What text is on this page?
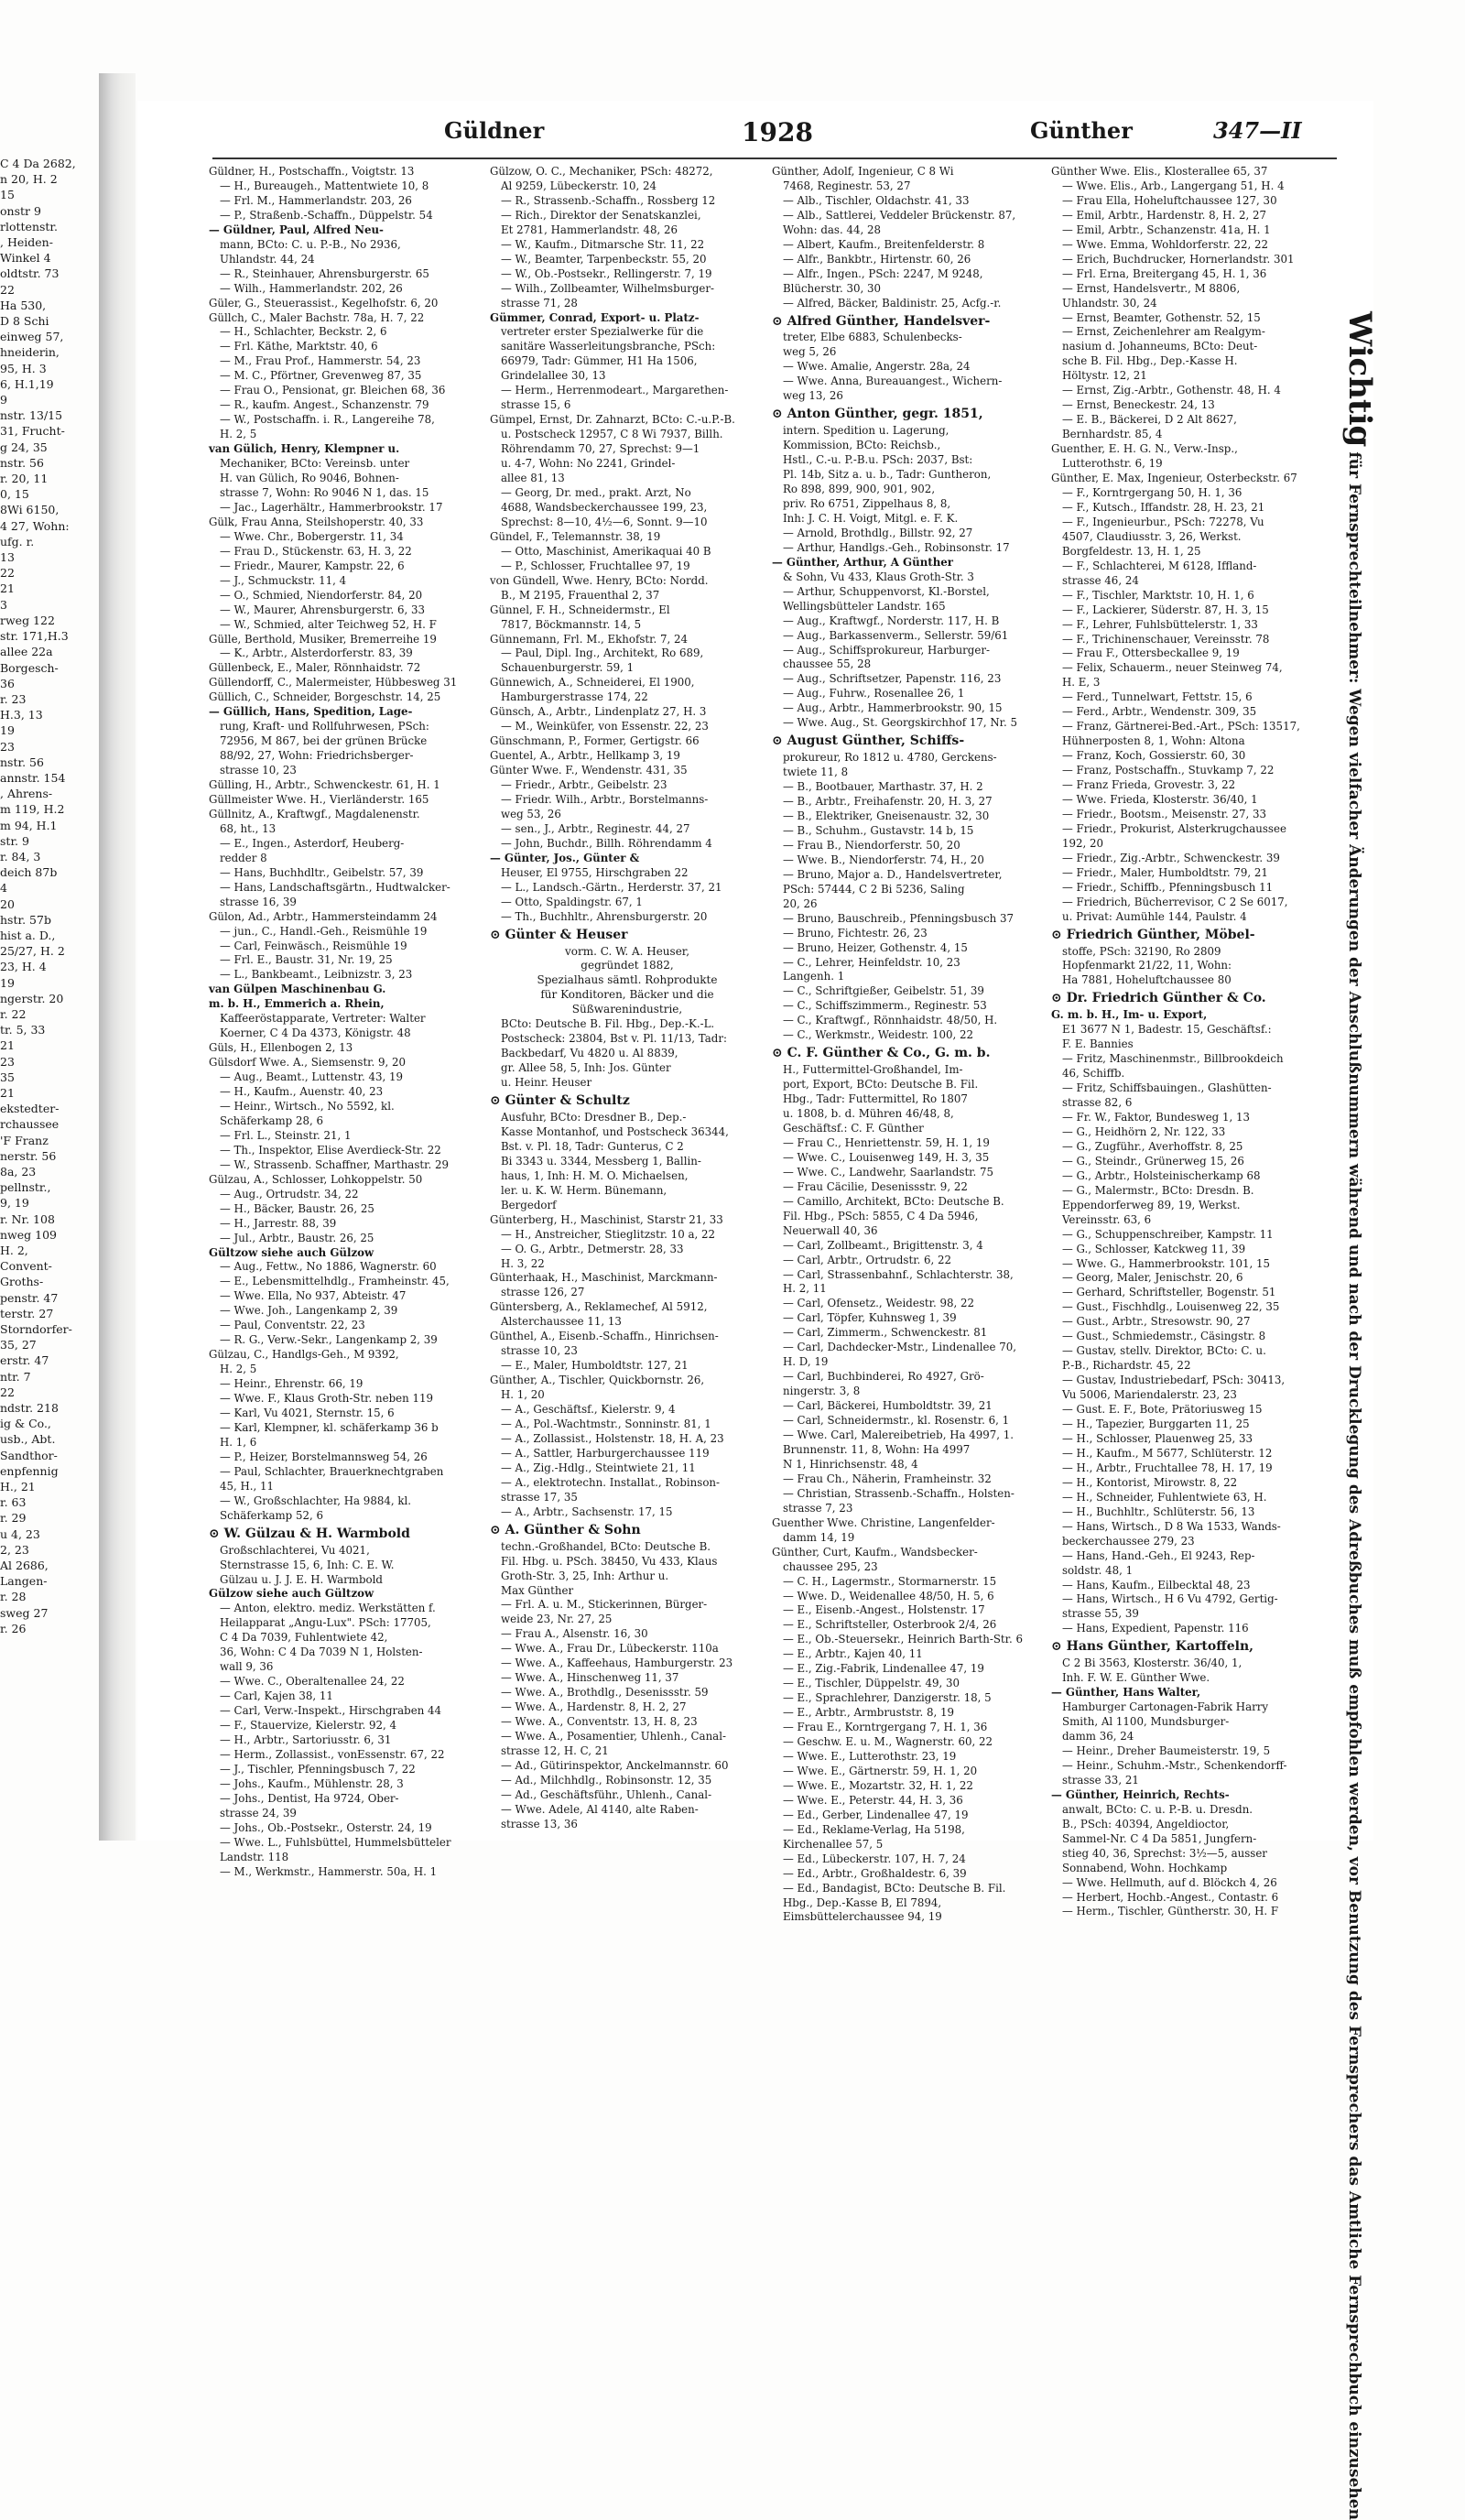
C 4 Da 2682,
n 20, H. 2
15
onstr 9
rlottenstr.
, Heiden-
Winkel 4
oldtstr. 73
22
Ha 530,
D 8 Schi
einweg 57,
hneiderin,
95, H. 3
6, H.1,19
9
nstr. 13/15
31, Frucht-
g 24, 35
nstr. 56
r. 20, 11
0, 15
8Wi 6150,
4 27, Wohn:
ufg. r.
13
22
21
3
rweg 122
str. 171,H.3
allee 22a
Borgesch-
36
r. 23
H.3, 13
19
23
nstr. 56
annstr. 154
, Ahrens-
m 119, H.2
m 94, H.1
str. 9
r. 84, 3
deich 87b
4
20
hstr. 57b
hist a. D.,
25/27, H. 2
23, H. 4
19
ngerstr. 20
r. 22
tr. 5, 33
21
23
35
21
ekstedter-
rchaussee
'F Franz
nerstr. 56
8a, 23
pellnstr.,
9, 19
r. Nr. 108
nweg 109
H. 2,
Convent-
Groths-
penstr. 47
terstr. 27
Storndorfer-
35, 27
erstr. 47
ntr. 7
22
ndstr. 218
ig & Co.,
usb., Abt.
Sandthor-
enpfennig
H., 21
r. 63
r. 29
u 4, 23
2, 23
Al 2686,
Langen-
r. 28
sweg 27
r. 26
Güldner	1928	Günther	347—II
Güldner, H., Postschaffn., Voigtstr. 13
— H., Bureaugeh., Mattentwiete 10, 8
— Frl. M., Hammerlandstr. 203, 26
— P., Straßenb.-Schaffn., Düppelstr. 54
— Güldner, Paul, Alfred Neu-
mann, BCto: C. u. P.-B., No 2936,
Uhlandstr. 44, 24
— R., Steinhauer, Ahrensburgerstr. 65
— Wilh., Hammerlandstr. 202, 26
Güler, G., Steuerassist., Kegelhofstr. 6, 20
Güllch, C., Maler Bachstr. 78a, H. 7, 22
— H., Schlachter, Beckstr. 2, 6
— Frl. Käthe, Marktstr. 40, 6
— M., Frau Prof., Hammerstr. 54, 23
— M. C., Pförtner, Grevenweg 87, 35
— Frau O., Pensionat, gr. Bleichen 68, 36
— R., kaufm. Angest., Schanzenstr. 79
— W., Postschaffn. i. R., Langereihe 78,
H. 2, 5
van Gülich, Henry, Klempner u.
Mechaniker, BCto: Vereinsb. unter
H. van Gülich, Ro 9046, Bohnen-
strasse 7, Wohn: Ro 9046 N 1, das. 15
— Jac., Lagerhältr., Hammerbrookstr. 17
Gülk, Frau Anna, Steilshoperstr. 40, 33
— Wwe. Chr., Bobergerstr. 11, 34
— Frau D., Stückenstr. 63, H. 3, 22
— Friedr., Maurer, Kampstr. 22, 6
— J., Schmuckstr. 11, 4
— O., Schmied, Niendorferstr. 84, 20
— W., Maurer, Ahrensburgerstr. 6, 33
— W., Schmied, alter Teichweg 52, H. F
Gülle, Berthold, Musiker, Bremerreihe 19
— K., Arbtr., Alsterdorferstr. 83, 39
Güllenbeck, E., Maler, Rönnhaidstr. 72
Güllendorff, C., Malermeister, Hübbesweg 31
Güllich, C., Schneider, Borgeschstr. 14, 25
— Güllich, Hans, Spedition, Lage-
rung, Kraft- und Rollfuhrwesen, PSch:
72956, M 867, bei der grünen Brücke
88/92, 27, Wohn: Friedrichsberger-
strasse 10, 23
Gülling, H., Arbtr., Schwenckestr. 61, H. 1
Güllmeister Wwe. H., Vierländerstr. 165
Güllnitz, A., Kraftwgf., Magdalenenstr.
68, ht., 13
— E., Ingen., Asterdorf, Heuberg-
redder 8
— Hans, Buchhdltr., Geibelstr. 57, 39
— Hans, Landschaftsgärtn., Hudtwalcker-
strasse 16, 39
Gülon, Ad., Arbtr., Hammersteindamm 24
— jun., C., Handl.-Geh., Reismühle 19
— Carl, Feinwäsch., Reismühle 19
— Frl. E., Baustr. 31, Nr. 19, 25
— L., Bankbeamt., Leibnizstr. 3, 23
van Gülpen Maschinenbau G.
m. b. H., Emmerich a. Rhein,
Kaffeeröstapparate, Vertreter: Walter
Koerner, C 4 Da 4373, Königstr. 48
Güls, H., Ellenbogen 2, 13
Gülsdorf Wwe. A., Siemsenstr. 9, 20
— Aug., Beamt., Luttenstr. 43, 19
— H., Kaufm., Auenstr. 40, 23
— Heinr., Wirtsch., No 5592, kl.
Schäferkamp 28, 6
— Frl. L., Steinstr. 21, 1
— Th., Inspektor, Elise Averdieck-Str. 22
— W., Strassenb. Schaffner, Marthastr. 29
Gülzau, A., Schlosser, Lohkoppelstr. 50
— Aug., Ortrudstr. 34, 22
— H., Bäcker, Baustr. 26, 25
— H., Jarrestr. 88, 39
— Jul., Arbtr., Baustr. 26, 25
Gültzow siehe auch Gülzow
— Aug., Fettw., No 1886, Wagnerstr. 60
— E., Lebensmittelhdlg., Framheinstr. 45,
— Wwe. Ella, No 937, Abteistr. 47
— Wwe. Joh., Langenkamp 2, 39
— Paul, Conventstr. 22, 23
— R. G., Verw.-Sekr., Langenkamp 2, 39
Gülzau, C., Handlgs-Geh., M 9392,
H. 2, 5
— Heinr., Ehrenstr. 66, 19
— Wwe. F., Klaus Groth-Str. neben 119
— Karl, Vu 4021, Sternstr. 15, 6
— Karl, Klempner, kl. schäferkamp 36 b
H. 1, 6
— P., Heizer, Borstelmannsweg 54, 26
— Paul, Schlachter, Brauerknechtgraben
45, H., 11
— W., Großschlachter, Ha 9884, kl.
Schäferkamp 52, 6
⊙ W. Gülzau & H. Warmbold
Großschlachterei, Vu 4021,
Sternstrasse 15, 6, Inh: C. E. W.
Gülzau u. J. J. E. H. Warmbold
Gülzow siehe auch Gültzow
— Anton, elektro. mediz. Werkstätten f.
Heilapparat „Angu-Lux". PSch: 17705,
C 4 Da 7039, Fuhlentwiete 42,
36, Wohn: C 4 Da 7039 N 1, Holsten-
wall 9, 36
— Wwe. C., Oberaltenallee 24, 22
— Carl, Kajen 38, 11
— Carl, Verw.-Inspekt., Hirschgraben 44
— F., Stauervize, Kielerstr. 92, 4
— H., Arbtr., Sartoriusstr. 6, 31
— Herm., Zollassist., vonEssenstr. 67, 22
— J., Tischler, Pfenningsbusch 7, 22
— Johs., Kaufm., Mühlenstr. 28, 3
— Johs., Dentist, Ha 9724, Ober-
strasse 24, 39
— Johs., Ob.-Postsekr., Osterstr. 24, 19
— Wwe. L., Fuhlsbüttel, Hummelsbütteler
Landstr. 118
— M., Werkmstr., Hammerstr. 50a, H. 1
Gülzow, O. C., Mechaniker, PSch: 48272,
Al 9259, Lübeckerstr. 10, 24
— R., Strassenb.-Schaffn., Rossberg 12
— Rich., Direktor der Senatskanzlei,
Et 2781, Hammerlandstr. 48, 26
— W., Kaufm., Ditmarsche Str. 11, 22
— W., Beamter, Tarpenbeckstr. 55, 20
— W., Ob.-Postsekr., Rellingerstr. 7, 19
— Wilh., Zollbeamter, Wilhelmsburger-
strasse 71, 28
Gümmer, Conrad, Export- u. Platz-
vertreter erster Spezialwerke für die
sanitäre Wasserleitungsbranche, PSch:
66979, Tadr: Gümmer, H1 Ha 1506,
Grindelallee 30, 13
— Herm., Herrenmodeart., Margarethen-
strasse 15, 6
Gümpel, Ernst, Dr. Zahnarzt, BCto: C.-u.P.-B.
u. Postscheck 12957, C 8 Wi 7937, Billh.
Röhrendamm 70, 27, Sprechst: 9—1
u. 4-7, Wohn: No 2241, Grindel-
allee 81, 13
— Georg, Dr. med., prakt. Arzt, No
4688, Wandsbeckerchaussee 199, 23,
Sprechst: 8—10, 4½—6, Sonnt. 9—10
Gündel, F., Telemannstr. 38, 19
— Otto, Maschinist, Amerikaquai 40 B
— P., Schlosser, Fruchtallee 97, 19
von Gündell, Wwe. Henry, BCto: Nordd.
B., M 2195, Frauenthal 2, 37
Günnel, F. H., Schneidermstr., El
7817, Böckmannstr. 14, 5
Günnemann, Frl. M., Ekhofstr. 7, 24
— Paul, Dipl. Ing., Architekt, Ro 689,
Schauenburgerstr. 59, 1
Günnewich, A., Schneiderei, El 1900,
Hamburgerstrasse 174, 22
Günsch, A., Arbtr., Lindenplatz 27, H. 3
— M., Weinküfer, von Essenstr. 22, 23
Günschmann, P., Former, Gertigstr. 66
Guentel, A., Arbtr., Hellkamp 3, 19
Günter Wwe. F., Wendenstr. 431, 35
— Friedr., Arbtr., Geibelstr. 23
— Friedr. Wilh., Arbtr., Borstelmanns-
weg 53, 26
— sen., J., Arbtr., Reginestr. 44, 27
— John, Buchdr., Billh. Röhrendamm 4
— Günter, Jos., Günter &
Heuser, El 9755, Hirschgraben 22
— L., Landsch.-Gärtn., Herderstr. 37, 21
— Otto, Spaldingstr. 67, 1
— Th., Buchhltr., Ahrensburgerstr. 20
⊙ Günter & Heuser
vorm. C. W. A. Heuser,
gegründet 1882,
Spezialhaus sämtl. Rohprodukte
für Konditoren, Bäcker und die
Süßwarenindustrie,
BCto: Deutsche B. Fil. Hbg., Dep.-K.-L.
Postscheck: 23804, Bst v. Pl. 11/13, Tadr:
Backbedarf, Vu 4820 u. Al 8839,
gr. Allee 58, 5, Inh: Jos. Günter
u. Heinr. Heuser
⊙ Günter & Schultz
Ausfuhr, BCto: Dresdner B., Dep.-
Kasse Montanhof, und Postscheck 36344,
Bst. v. Pl. 18, Tadr: Gunterus, C 2
Bi 3343 u. 3344, Messberg 1, Ballin-
haus, 1, Inh: H. M. O. Michaelsen,
ler. u. K. W. Herm. Bünemann,
Bergedorf
Günterberg, H., Maschinist, Starstr 21, 33
— H., Anstreicher, Stieglitzstr. 10 a, 22
— O. G., Arbtr., Detmerstr. 28, 33
H. 3, 22
Günterhaak, H., Maschinist, Marckmann-
strasse 126, 27
Güntersberg, A., Reklamechef, Al 5912,
Alsterchaussee 11, 13
Günthel, A., Eisenb.-Schaffn., Hinrichsen-
strasse 10, 23
— E., Maler, Humboldtstr. 127, 21
Günther, A., Tischler, Quickbornstr. 26,
H. 1, 20
— A., Geschäftsf., Kielerstr. 9, 4
— A., Pol.-Wachtmstr., Sonninstr. 81, 1
— A., Zollassist., Holstenstr. 18, H. A, 23
— A., Sattler, Harburgerchaussee 119
— A., Zig.-Hdlg., Steintwiete 21, 11
— A., elektrotechn. Installat., Robinson-
strasse 17, 35
— A., Arbtr., Sachsenstr. 17, 15
⊙ A. Günther & Sohn
techn.-Großhandel, BCto: Deutsche B.
Fil. Hbg. u. PSch. 38450, Vu 433, Klaus
Groth-Str. 3, 25, Inh: Arthur u.
Max Günther
— Frl. A. u. M., Stickerinnen, Bürger-
weide 23, Nr. 27, 25
— Frau A., Alsenstr. 16, 30
— Wwe. A., Frau Dr., Lübeckerstr. 110a
— Wwe. A., Kaffeehaus, Hamburgerstr. 23
— Wwe. A., Hinschenweg 11, 37
— Wwe. A., Brothdlg., Desenissstr. 59
— Wwe. A., Hardenstr. 8, H. 2, 27
— Wwe. A., Conventstr. 13, H. 8, 23
— Wwe. A., Posamentier, Uhlenh., Canal-
strasse 12, H. C, 21
— Ad., Gütirinspektor, Anckelmannstr. 60
— Ad., Milchhdlg., Robinsonstr. 12, 35
— Ad., Geschäftsführ., Uhlenh., Canal-
— Wwe. Adele, Al 4140, alte Raben-
strasse 13, 36
Günther, Adolf, Ingenieur, C 8 Wi
7468, Reginestr. 53, 27
— Alb., Tischler, Oldachstr. 41, 33
— Alb., Sattlerei, Veddeler Brückenstr. 87,
Wohn: das. 44, 28
— Albert, Kaufm., Breitenfelderstr. 8
— Alfr., Bankbtr., Hirtenstr. 60, 26
— Alfr., Ingen., PSch: 2247, M 9248,
Blücherstr. 30, 30
— Alfred, Bäcker, Baldinistr. 25, Acfg.-r.
⊙ Alfred Günther, Handelsver-
treter, Elbe 6883, Schulenbecks-
weg 5, 26
— Wwe. Amalie, Angerstr. 28a, 24
— Wwe. Anna, Bureauangest., Wichern-
weg 13, 26
⊙ Anton Günther, gegr. 1851,
intern. Spedition u. Lagerung,
Kommission, BCto: Reichsb.,
Hstl., C.-u. P.-B.u. PSch: 2037, Bst:
Pl. 14b, Sitz a. u. b., Tadr: Guntheron,
Ro 898, 899, 900, 901, 902,
priv. Ro 6751, Zippelhaus 8, 8,
Inh: J. C. H. Voigt, Mitgl. e. F. K.
— Arnold, Brothdlg., Billstr. 92, 27
— Arthur, Handlgs.-Geh., Robinsonstr. 17
— Günther, Arthur, A Günther
& Sohn, Vu 433, Klaus Groth-Str. 3
— Arthur, Schuppenvorst, Kl.-Borstel,
Wellingsbütteler Landstr. 165
— Aug., Kraftwgf., Norderstr. 117, H. B
— Aug., Barkassenverm., Sellerstr. 59/61
— Aug., Schiffsprokureur, Harburger-
chaussee 55, 28
— Aug., Schriftsetzer, Papenstr. 116, 23
— Aug., Fuhrw., Rosenallee 26, 1
— Aug., Arbtr., Hammerbrookstr. 90, 15
— Wwe. Aug., St. Georgskirchhof 17, Nr. 5
⊙ August Günther, Schiffs-
prokureur, Ro 1812 u. 4780, Gerckens-
twiete 11, 8
— B., Bootbauer, Marthastr. 37, H. 2
— B., Arbtr., Freihafenstr. 20, H. 3, 27
— B., Elektriker, Gneisenaustr. 32, 30
— B., Schuhm., Gustavstr. 14 b, 15
— Frau B., Niendorferstr. 50, 20
— Wwe. B., Niendorferstr. 74, H., 20
— Bruno, Major a. D., Handelsvertreter,
PSch: 57444, C 2 Bi 5236, Saling
20, 26
— Bruno, Bauschreib., Pfenningsbusch 37
— Bruno, Fichtestr. 26, 23
— Bruno, Heizer, Gothenstr. 4, 15
— C., Lehrer, Heinfeldstr. 10, 23
Langenh. 1
— C., Schriftgießer, Geibelstr. 51, 39
— C., Schiffszimmerm., Reginestr. 53
— C., Kraftwgf., Rönnhaidstr. 48/50, H.
— C., Werkmstr., Weidestr. 100, 22
⊙ C. F. Günther & Co., G. m. b.
H., Futtermittel-Großhandel, Im-
port, Export, BCto: Deutsche B. Fil.
Hbg., Tadr: Futtermittel, Ro 1807
u. 1808, b. d. Mühren 46/48, 8,
Geschäftsf.: C. F. Günther
— Frau C., Henriettenstr. 59, H. 1, 19
— Wwe. C., Louisenweg 149, H. 3, 35
— Wwe. C., Landwehr, Saarlandstr. 75
— Frau Cäcilie, Desenissstr. 9, 22
— Camillo, Architekt, BCto: Deutsche B.
Fil. Hbg., PSch: 5855, C 4 Da 5946,
Neuerwall 40, 36
— Carl, Zollbeamt., Brigittenstr. 3, 4
— Carl, Arbtr., Ortrudstr. 6, 22
— Carl, Strassenbahnf., Schlachterstr. 38,
H. 2, 11
— Carl, Ofensetz., Weidestr. 98, 22
— Carl, Töpfer, Kuhnsweg 1, 39
— Carl, Zimmerm., Schwenckestr. 81
— Carl, Dachdecker-Mstr., Lindenallee 70,
H. D, 19
— Carl, Buchbinderei, Ro 4927, Grö-
ningerstr. 3, 8
— Carl, Bäckerei, Humboldtstr. 39, 21
— Carl, Schneidermstr., kl. Rosenstr. 6, 1
— Wwe. Carl, Malereibetrieb, Ha 4997, 1.
Brunnenstr. 11, 8, Wohn: Ha 4997
N 1, Hinrichsenstr. 48, 4
— Frau Ch., Näherin, Framheinstr. 32
— Christian, Strassenb.-Schaffn., Holsten-
strasse 7, 23
Guenther Wwe. Christine, Langenfelder-
damm 14, 19
Günther, Curt, Kaufm., Wandsbecker-
chaussee 295, 23
— C. H., Lagermstr., Stormarnerstr. 15
— Wwe. D., Weidenallee 48/50, H. 5, 6
— E., Eisenb.-Angest., Holstenstr. 17
— E., Schriftsteller, Osterbrook 2/4, 26
— E., Ob.-Steuersekr., Heinrich Barth-Str. 6
— E., Arbtr., Kajen 40, 11
— E., Zig.-Fabrik, Lindenallee 47, 19
— E., Tischler, Düppelstr. 49, 30
— E., Sprachlehrer, Danzigerstr. 18, 5
— E., Arbtr., Armbruststr. 8, 19
— Frau E., Korntrgergang 7, H. 1, 36
— Geschw. E. u. M., Wagnerstr. 60, 22
— Wwe. E., Lutterothstr. 23, 19
— Wwe. E., Gärtnerstr. 59, H. 1, 20
— Wwe. E., Mozartstr. 32, H. 1, 22
— Wwe. E., Peterstr. 44, H. 3, 36
— Ed., Gerber, Lindenallee 47, 19
— Ed., Reklame-Verlag, Ha 5198,
Kirchenallee 57, 5
— Ed., Lübeckerstr. 107, H. 7, 24
— Ed., Arbtr., Großhaldestr. 6, 39
— Ed., Bandagist, BCto: Deutsche B. Fil.
Hbg., Dep.-Kasse B, El 7894,
Eimsbüttelerchaussee 94, 19
Günther Wwe. Elis., Klosterallee 65, 37
— Wwe. Elis., Arb., Langergang 51, H. 4
— Frau Ella, Hoheluftchaussee 127, 30
— Emil, Arbtr., Hardenstr. 8, H. 2, 27
— Emil, Arbtr., Schanzenstr. 41a, H. 1
— Wwe. Emma, Wohldorferstr. 22, 22
— Erich, Buchdrucker, Hornerlandstr. 301
— Frl. Erna, Breitergang 45, H. 1, 36
— Ernst, Handelsvertr., M 8806,
Uhlandstr. 30, 24
— Ernst, Beamter, Gothenstr. 52, 15
— Ernst, Zeichenlehrer am Realgym-
nasium d. Johanneums, BCto: Deut-
sche B. Fil. Hbg., Dep.-Kasse H.
Höltystr. 12, 21
— Ernst, Zig.-Arbtr., Gothenstr. 48, H. 4
— Ernst, Beneckestr. 24, 13
— E. B., Bäckerei, D 2 Alt 8627,
Bernhardstr. 85, 4
Guenther, E. H. G. N., Verw.-Insp.,
Lutterothstr. 6, 19
Günther, E. Max, Ingenieur, Osterbeckstr. 67
— F., Korntrgergang 50, H. 1, 36
— F., Kutsch., Iffandstr. 28, H. 23, 21
— F., Ingenieurbur., PSch: 72278, Vu
4507, Claudiusstr. 3, 26, Werkst.
Borgfeldestr. 13, H. 1, 25
— F., Schlachterei, M 6128, Iffland-
strasse 46, 24
— F., Tischler, Marktstr. 10, H. 1, 6
— F., Lackierer, Süderstr. 87, H. 3, 15
— F., Lehrer, Fuhlsbüttelerstr. 1, 33
— F., Trichinenschauer, Vereinsstr. 78
— Frau F., Ottersbeckallee 9, 19
— Felix, Schauerm., neuer Steinweg 74,
H. E, 3
— Ferd., Tunnelwart, Fettstr. 15, 6
— Ferd., Arbtr., Wendenstr. 309, 35
— Franz, Gärtnerei-Bed.-Art., PSch: 13517,
Hühnerposten 8, 1, Wohn: Altona
— Franz, Koch, Gossierstr. 60, 30
— Franz, Postschaffn., Stuvkamp 7, 22
— Franz Frieda, Grovestr. 3, 22
— Wwe. Frieda, Klosterstr. 36/40, 1
— Friedr., Bootsm., Meisenstr. 27, 33
— Friedr., Prokurist, Alsterkrugchaussee
192, 20
— Friedr., Zig.-Arbtr., Schwenckestr. 39
— Friedr., Maler, Humboldtstr. 79, 21
— Friedr., Schiffb., Pfenningsbusch 11
— Friedrich, Bücherrevisor, C 2 Se 6017,
u. Privat: Aumühle 144, Paulstr. 4
⊙ Friedrich Günther, Möbel-
stoffe, PSch: 32190, Ro 2809
Hopfenmarkt 21/22, 11, Wohn:
Ha 7881, Hoheluftchaussee 80
⊙ Dr. Friedrich Günther & Co.
G. m. b. H., Im- u. Export,
E1 3677 N 1, Badestr. 15, Geschäftsf.:
F. E. Bannies
— Fritz, Maschinenmstr., Billbrookdeich
46, Schiffb.
— Fritz, Schiffsbauingen., Glashütten-
strasse 82, 6
— Fr. W., Faktor, Bundesweg 1, 13
— G., Heidhörn 2, Nr. 122, 33
— G., Zugführ., Averhoffstr. 8, 25
— G., Steindr., Grünerweg 15, 26
— G., Arbtr., Holsteinischerkamp 68
— G., Malermstr., BCto: Dresdn. B.
Eppendorferweg 89, 19, Werkst.
Vereinsstr. 63, 6
— G., Schuppenschreiber, Kampstr. 11
— G., Schlosser, Katckweg 11, 39
— Wwe. G., Hammerbrookstr. 101, 15
— Georg, Maler, Jenischstr. 20, 6
— Gerhard, Schriftsteller, Bogenstr. 51
— Gust., Fischhdlg., Louisenweg 22, 35
— Gust., Arbtr., Stresowstr. 90, 27
— Gust., Schmiedemstr., Cäsingstr. 8
— Gustav, stellv. Direktor, BCto: C. u.
P.-B., Richardstr. 45, 22
— Gustav, Industriebedarf, PSch: 30413,
Vu 5006, Mariendalerstr. 23, 23
— Gust. E. F., Bote, Prätoriusweg 15
— H., Tapezier, Burggarten 11, 25
— H., Schlosser, Plauenweg 25, 33
— H., Kaufm., M 5677, Schlüterstr. 12
— H., Arbtr., Fruchtallee 78, H. 17, 19
— H., Kontorist, Mirowstr. 8, 22
— H., Schneider, Fuhlentwiete 63, H.
— H., Buchhltr., Schlüterstr. 56, 13
— Hans, Wirtsch., D 8 Wa 1533, Wands-
beckerchaussee 279, 23
— Hans, Hand.-Geh., El 9243, Rep-
soldstr. 48, 1
— Hans, Kaufm., Eilbecktal 48, 23
— Hans, Wirtsch., H 6 Vu 4792, Gertig-
strasse 55, 39
— Hans, Expedient, Papenstr. 116
⊙ Hans Günther, Kartoffeln,
C 2 Bi 3563, Klosterstr. 36/40, 1,
Inh. F. W. E. Günther Wwe.
— Günther, Hans Walter,
Hamburger Cartonagen-Fabrik Harry
Smith, Al 1100, Mundsburger-
damm 36, 24
— Heinr., Dreher Baumeisterstr. 19, 5
— Heinr., Schuhm.-Mstr., Schenkendorff-
strasse 33, 21
— Günther, Heinrich, Rechts-
anwalt, BCto: C. u. P.-B. u. Dresdn.
B., PSch: 40394, Angeldioctor,
Sammel-Nr. C 4 Da 5851, Jungfern-
stieg 40, 36, Sprechst: 3½—5, ausser
Sonnabend, Wohn. Hochkamp
— Wwe. Hellmuth, auf d. Blöckch 4, 26
— Herbert, Hochb.-Angest., Contastr. 6
— Herm., Tischler, Güntherstr. 30, H. F
Wichtig für Fernsprechteilnehmer: Wegen vielfacher Änderungen der Anschlußnummern während und nach der Drucklegung des Adreßbuches muß empfohlen werden, vor Benutzung des Fernsprechers das Amtliche Fernsprechbuch einzusehen
